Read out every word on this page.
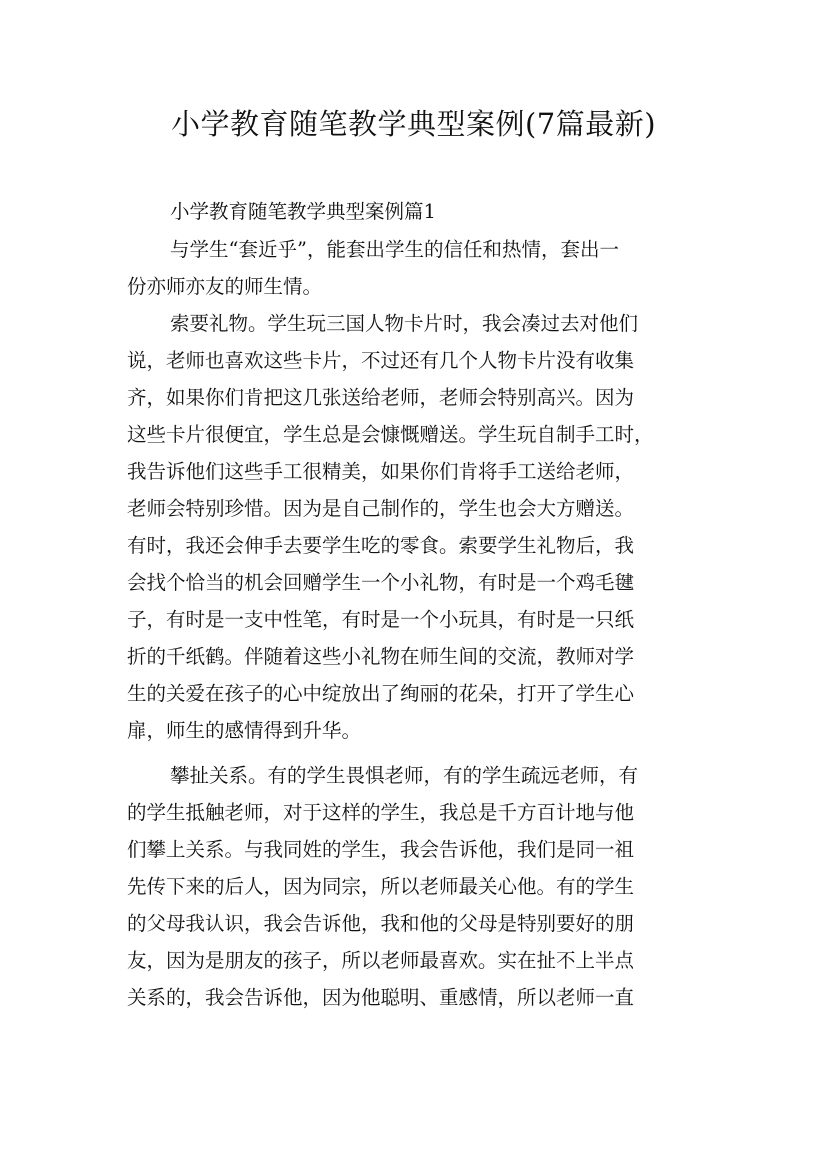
小学教育随笔教学典型案例(7篇最新)
小学教育随笔教学典型案例篇1
与学生“套近乎”，能套出学生的信任和热情，套出一
份亦师亦友的师生情。
索要礼物。学生玩三国人物卡片时，我会凑过去对他们
说，老师也喜欢这些卡片，不过还有几个人物卡片没有收集
齐，如果你们肯把这几张送给老师，老师会特别高兴。因为
这些卡片很便宜，学生总是会慷慨赠送。学生玩自制手工时，
我告诉他们这些手工很精美，如果你们肯将手工送给老师，
老师会特别珍惜。因为是自己制作的，学生也会大方赠送。
有时，我还会伸手去要学生吃的零食。索要学生礼物后，我
会找个恰当的机会回赠学生一个小礼物，有时是一个鸡毛毽
子，有时是一支中性笔，有时是一个小玩具，有时是一只纸
折的千纸鹤。伴随着这些小礼物在师生间的交流，教师对学
生的关爱在孩子的心中绽放出了绚丽的花朵，打开了学生心
扉，师生的感情得到升华。
攀扯关系。有的学生畏惧老师，有的学生疏远老师，有
的学生抵触老师，对于这样的学生，我总是千方百计地与他
们攀上关系。与我同姓的学生，我会告诉他，我们是同一祖
先传下来的后人，因为同宗，所以老师最关心他。有的学生
的父母我认识，我会告诉他，我和他的父母是特别要好的朋
友，因为是朋友的孩子，所以老师最喜欢。实在扯不上半点
关系的，我会告诉他，因为他聪明、重感情，所以老师一直
